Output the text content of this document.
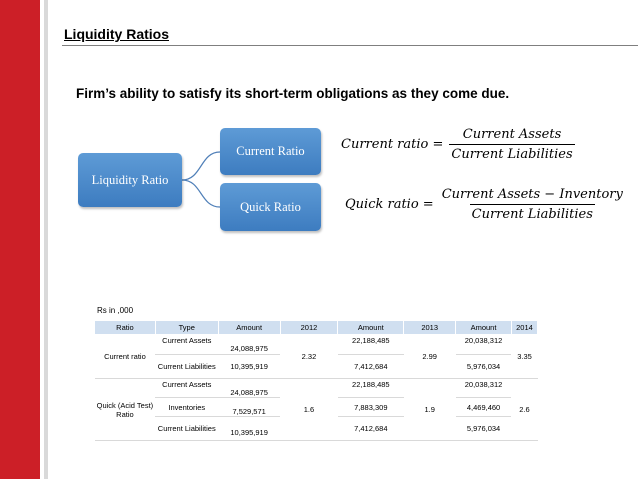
Liquidity Ratios
Firm’s ability to satisfy its short-term obligations as they come due.
Liquidity Ratio
Current Ratio
Quick Ratio
Current ratio = $\frac{\text{Current Assets}}{\text{Current Liabilities}}$
Quick ratio = $\frac{\text{Current Assets − Inventory}}{\text{Current Liabilities}}$
Rs in ,000
Ratio	Type	Amount	2012	Amount	2013	Amount	2014
Current ratio	Current Assets	24,088,975	2.32	22,188,485	2.99	20,038,312	3.35
	Current Liabilities	10,395,919		7,412,684		5,976,034	
Quick (Acid Test) Ratio	Current Assets	24,088,975	1.6	22,188,485	1.9	20,038,312	2.6
	Inventories	7,529,571		7,883,309		4,469,460	
	Current Liabilities	10,395,919		7,412,684		5,976,034	
